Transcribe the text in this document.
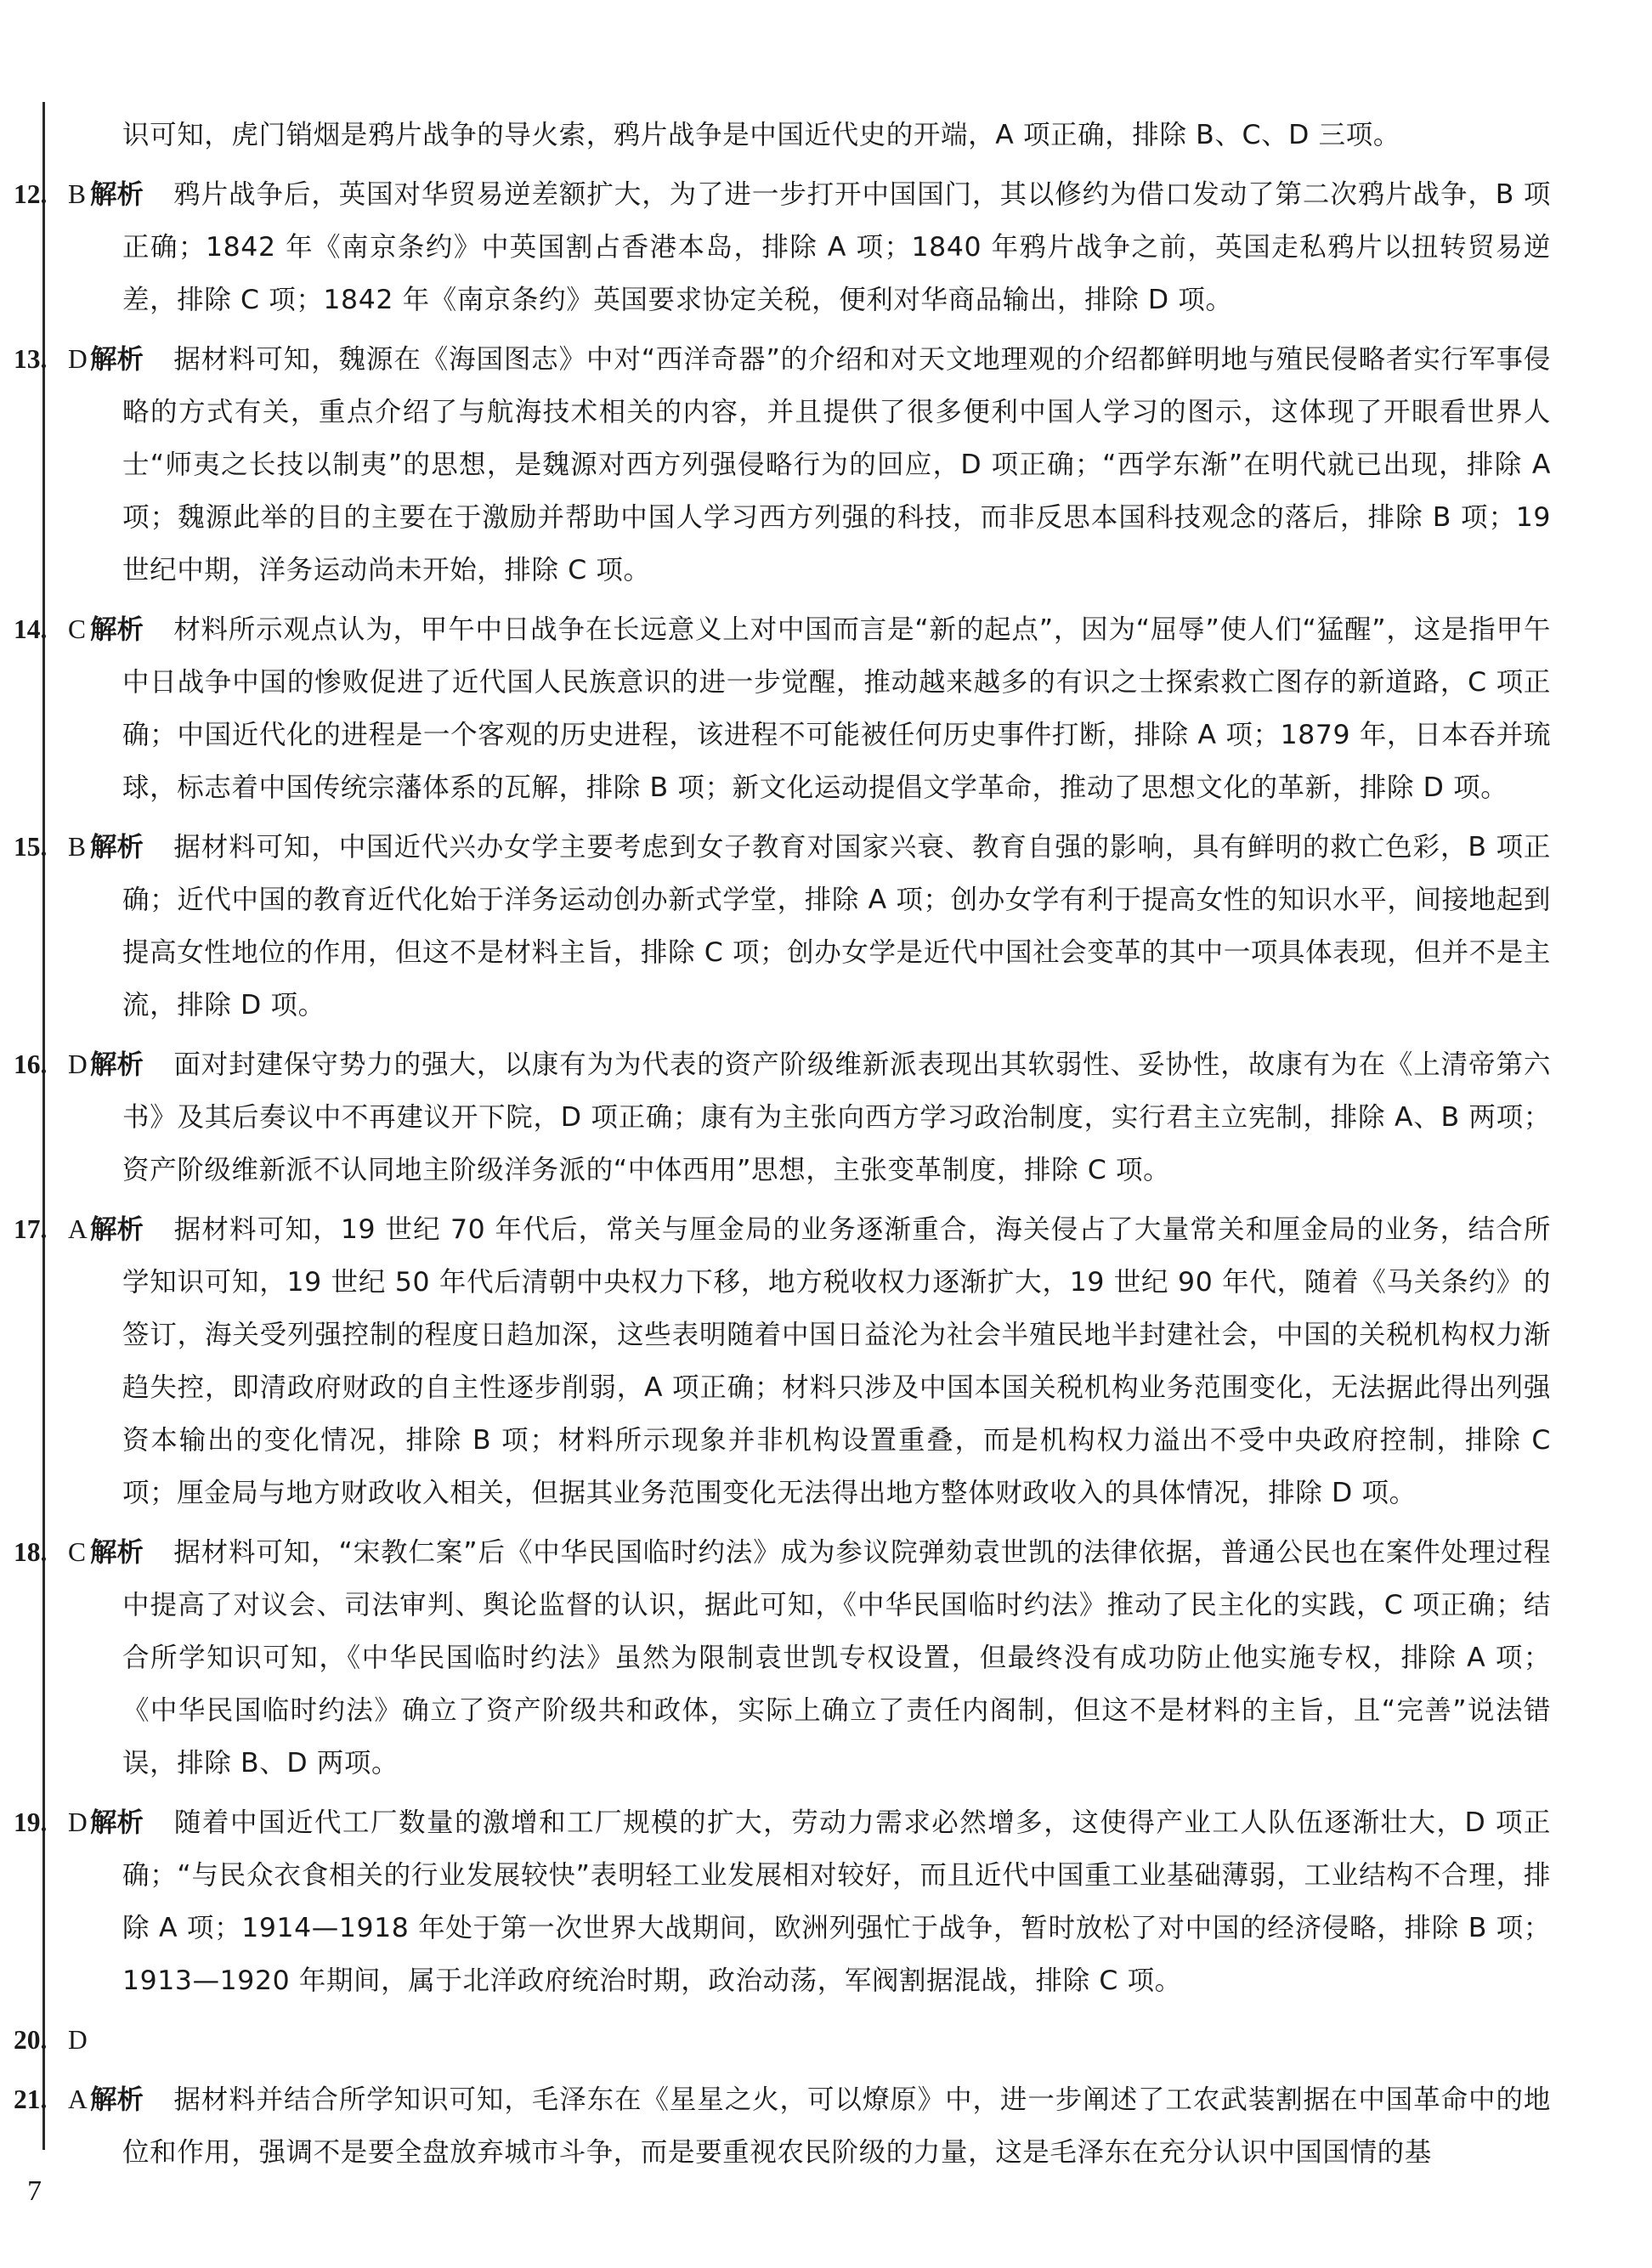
识可知，虎门销烟是鸦片战争的导火索，鸦片战争是中国近代史的开端，A 项正确，排除 B、C、D 三项。

12. B 解析 鸦片战争后，英国对华贸易逆差额扩大，为了进一步打开中国国门，其以修约为借口发动了第二次鸦片战争，B 项正确；1842 年《南京条约》中英国割占香港本岛，排除 A 项；1840 年鸦片战争之前，英国走私鸦片以扭转贸易逆差，排除 C 项；1842 年《南京条约》英国要求协定关税，便利对华商品输出，排除 D 项。

13. D 解析 据材料可知，魏源在《海国图志》中对“西洋奇器”的介绍和对天文地理观的介绍都鲜明地与殖民侵略者实行军事侵略的方式有关，重点介绍了与航海技术相关的内容，并且提供了很多便利中国人学习的图示，这体现了开眼看世界人士“师夷之长技以制夷”的思想，是魏源对西方列强侵略行为的回应，D 项正确；“西学东渐”在明代就已出现，排除 A 项；魏源此举的目的主要在于激励并帮助中国人学习西方列强的科技，而非反思本国科技观念的落后，排除 B 项；19 世纪中期，洋务运动尚未开始，排除 C 项。

14. C 解析 材料所示观点认为，甲午中日战争在长远意义上对中国而言是“新的起点”，因为“屈辱”使人们“猛醒”，这是指甲午中日战争中国的惨败促进了近代国人民族意识的进一步觉醒，推动越来越多的有识之士探索救亡图存的新道路，C 项正确；中国近代化的进程是一个客观的历史进程，该进程不可能被任何历史事件打断，排除 A 项；1879 年，日本吞并琉球，标志着中国传统宗藩体系的瓦解，排除 B 项；新文化运动提倡文学革命，推动了思想文化的革新，排除 D 项。

15. B 解析 据材料可知，中国近代兴办女学主要考虑到女子教育对国家兴衰、教育自强的影响，具有鲜明的救亡色彩，B 项正确；近代中国的教育近代化始于洋务运动创办新式学堂，排除 A 项；创办女学有利于提高女性的知识水平，间接地起到提高女性地位的作用，但这不是材料主旨，排除 C 项；创办女学是近代中国社会变革的其中一项具体表现，但并不是主流，排除 D 项。

16. D 解析 面对封建保守势力的强大，以康有为为代表的资产阶级维新派表现出其软弱性、妥协性，故康有为在《上清帝第六书》及其后奏议中不再建议开下院，D 项正确；康有为主张向西方学习政治制度，实行君主立宪制，排除 A、B 两项；资产阶级维新派不认同地主阶级洋务派的“中体西用”思想，主张变革制度，排除 C 项。

17. A 解析 据材料可知，19 世纪 70 年代后，常关与厘金局的业务逐渐重合，海关侵占了大量常关和厘金局的业务，结合所学知识可知，19 世纪 50 年代后清朝中央权力下移，地方税收权力逐渐扩大，19 世纪 90 年代，随着《马关条约》的签订，海关受列强控制的程度日趋加深，这些表明随着中国日益沦为社会半殖民地半封建社会，中国的关税机构权力渐趋失控，即清政府财政的自主性逐步削弱，A 项正确；材料只涉及中国本国关税机构业务范围变化，无法据此得出列强资本输出的变化情况，排除 B 项；材料所示现象并非机构设置重叠，而是机构权力溢出不受中央政府控制，排除 C 项；厘金局与地方财政收入相关，但据其业务范围变化无法得出地方整体财政收入的具体情况，排除 D 项。

18. C 解析 据材料可知，“宋教仁案”后《中华民国临时约法》成为参议院弹劾袁世凯的法律依据，普通公民也在案件处理过程中提高了对议会、司法审判、舆论监督的认识，据此可知，《中华民国临时约法》推动了民主化的实践，C 项正确；结合所学知识可知，《中华民国临时约法》虽然为限制袁世凯专权设置，但最终没有成功防止他实施专权，排除 A 项；《中华民国临时约法》确立了资产阶级共和政体，实际上确立了责任内阁制，但这不是材料的主旨，且“完善”说法错误，排除 B、D 两项。

19. D 解析 随着中国近代工厂数量的激增和工厂规模的扩大，劳动力需求必然增多，这使得产业工人队伍逐渐壮大，D 项正确；“与民众衣食相关的行业发展较快”表明轻工业发展相对较好，而且近代中国重工业基础薄弱，工业结构不合理，排除 A 项；1914—1918 年处于第一次世界大战期间，欧洲列强忙于战争，暂时放松了对中国的经济侵略，排除 B 项；1913—1920 年期间，属于北洋政府统治时期，政治动荡，军阀割据混战，排除 C 项。

20. D

21. A 解析 据材料并结合所学知识可知，毛泽东在《星星之火，可以燎原》中，进一步阐述了工农武装割据在中国革命中的地位和作用，强调不是要全盘放弃城市斗争，而是要重视农民阶级的力量，这是毛泽东在充分认识中国国情的基

7
